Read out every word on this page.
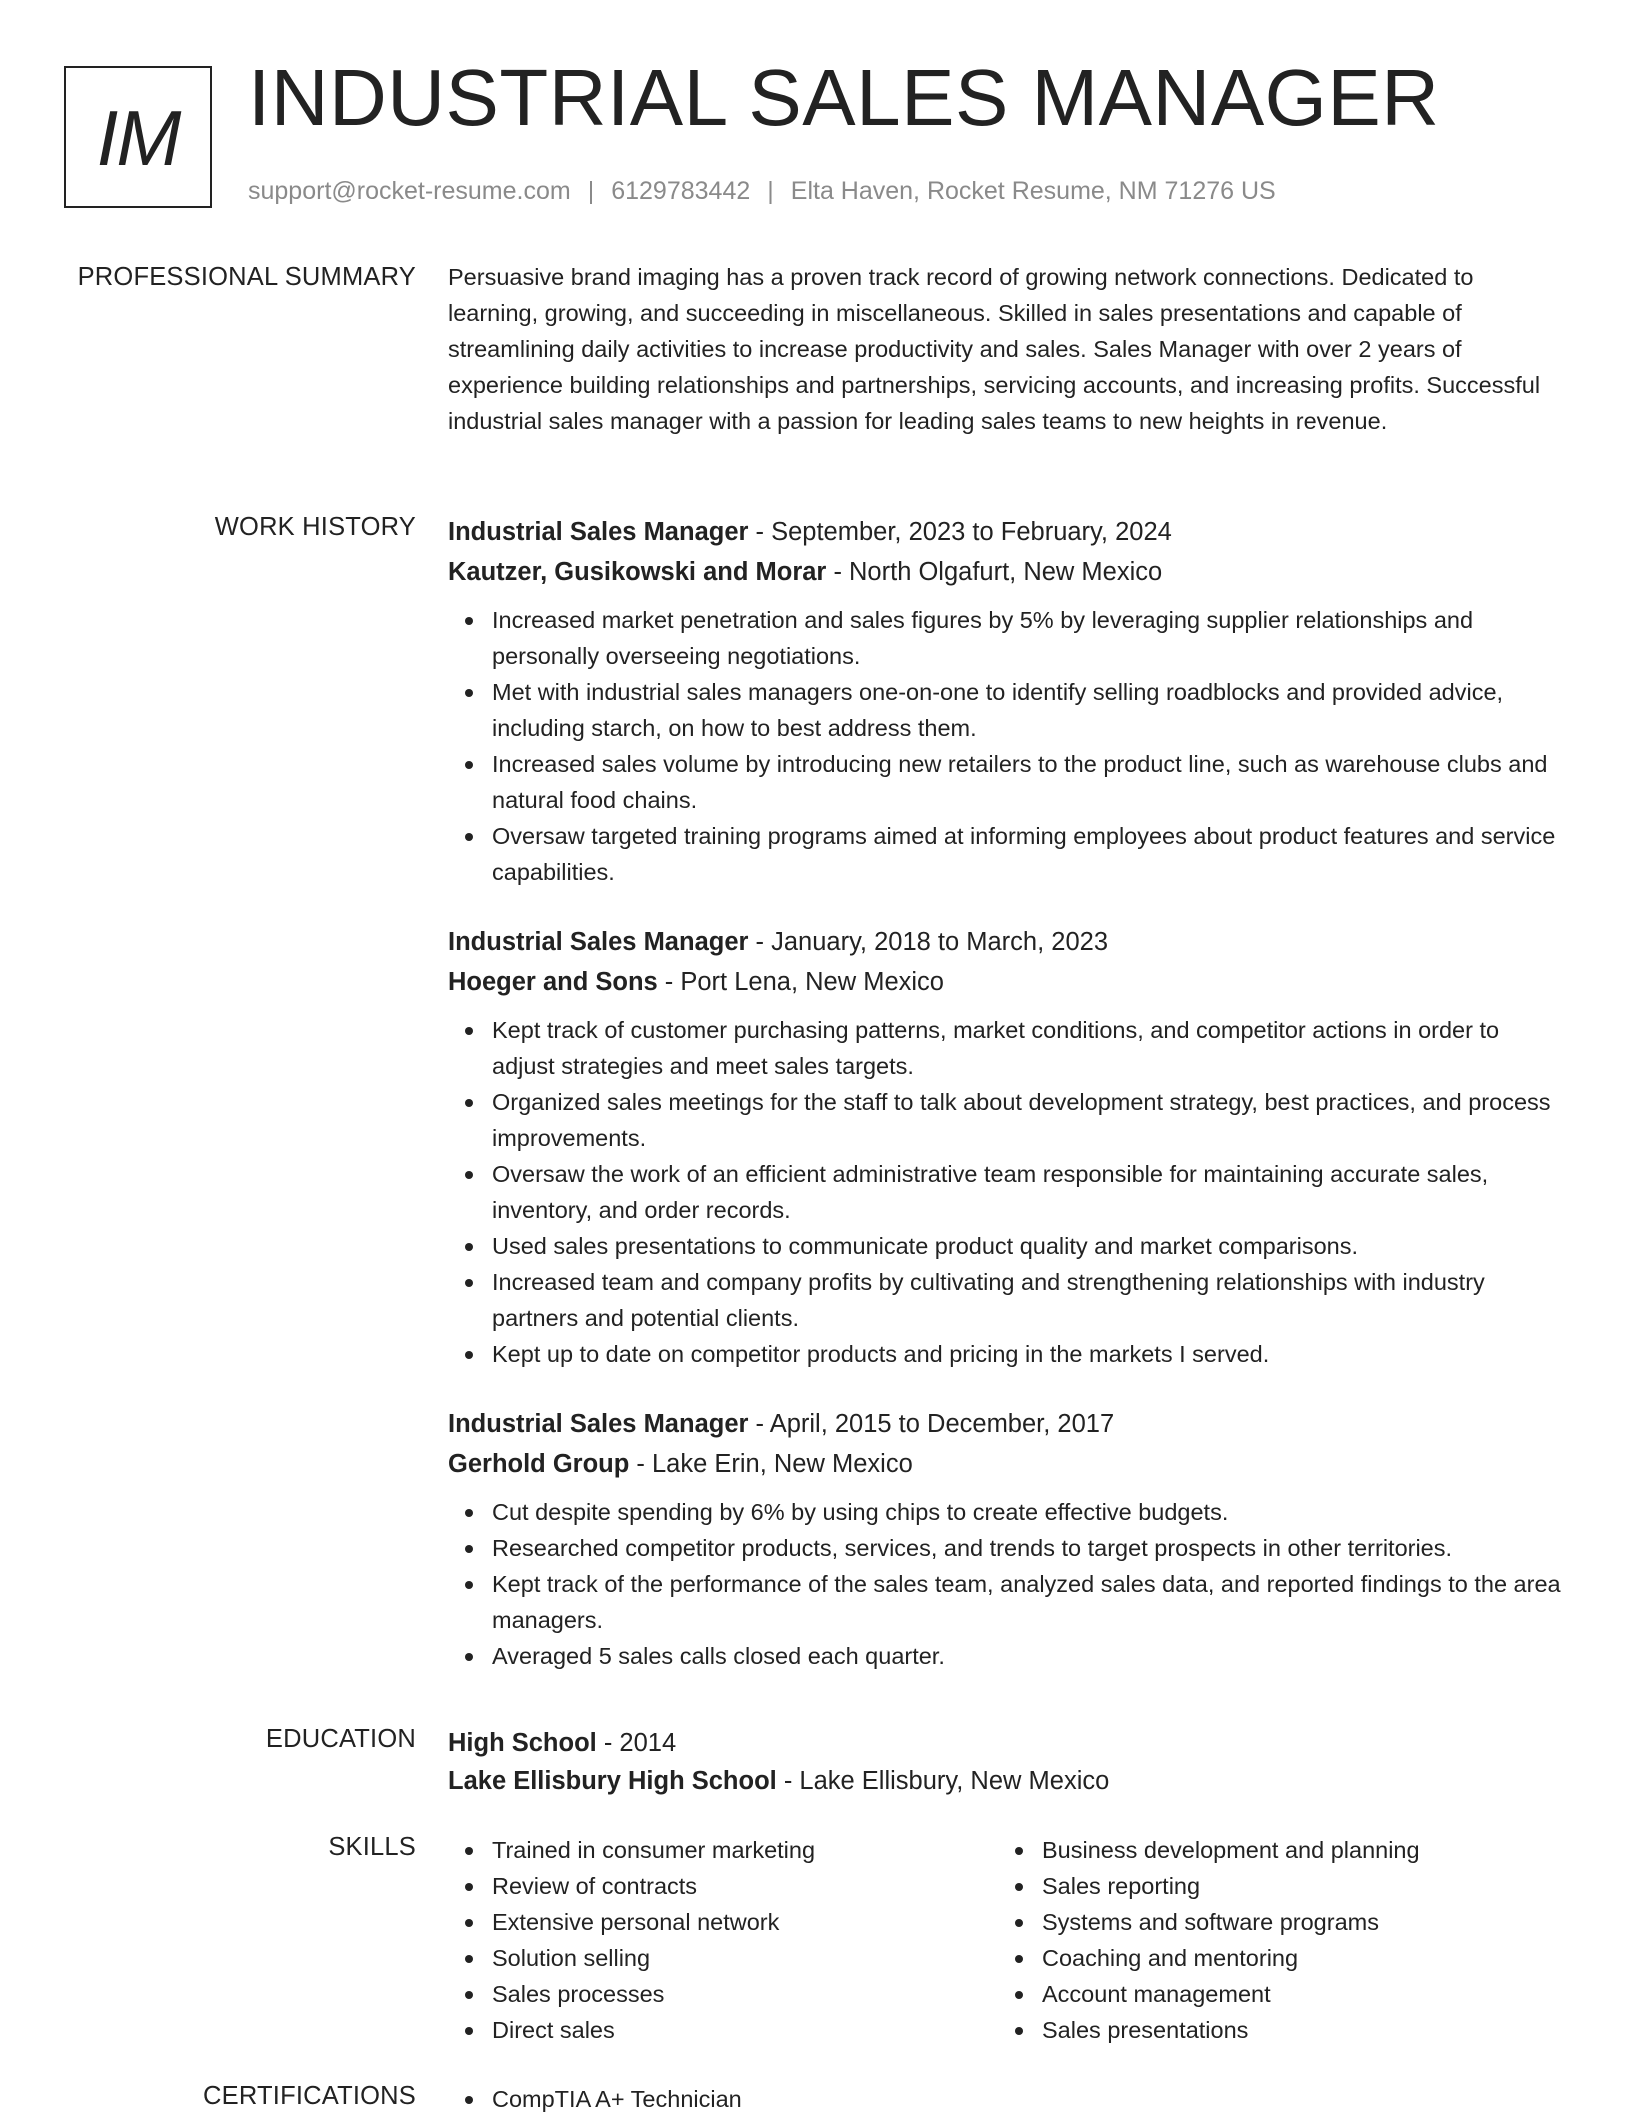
IM INDUSTRIAL SALES MANAGER
support@rocket-resume.com | 6129783442 | Elta Haven, Rocket Resume, NM 71276 US
PROFESSIONAL SUMMARY Persuasive brand imaging has a proven track record of growing network connections. Dedicated to learning, growing, and succeeding in miscellaneous. Skilled in sales presentations and capable of streamlining daily activities to increase productivity and sales. Sales Manager with over 2 years of experience building relationships and partnerships, servicing accounts, and increasing profits. Successful industrial sales manager with a passion for leading sales teams to new heights in revenue.

WORK HISTORY Industrial Sales Manager - September, 2023 to February, 2024
Kautzer, Gusikowski and Morar - North Olgafurt, New Mexico
Increased market penetration and sales figures by 5% by leveraging supplier relationships and personally overseeing negotiations.
Met with industrial sales managers one-on-one to identify selling roadblocks and provided advice, including starch, on how to best address them.
Increased sales volume by introducing new retailers to the product line, such as warehouse clubs and natural food chains.
Oversaw targeted training programs aimed at informing employees about product features and service capabilities.
Industrial Sales Manager - January, 2018 to March, 2023
Hoeger and Sons - Port Lena, New Mexico
Kept track of customer purchasing patterns, market conditions, and competitor actions in order to adjust strategies and meet sales targets.
Organized sales meetings for the staff to talk about development strategy, best practices, and process improvements.
Oversaw the work of an efficient administrative team responsible for maintaining accurate sales, inventory, and order records.
Used sales presentations to communicate product quality and market comparisons.
Increased team and company profits by cultivating and strengthening relationships with industry partners and potential clients.
Kept up to date on competitor products and pricing in the markets I served.
Industrial Sales Manager - April, 2015 to December, 2017
Gerhold Group - Lake Erin, New Mexico
Cut despite spending by 6% by using chips to create effective budgets.
Researched competitor products, services, and trends to target prospects in other territories.
Kept track of the performance of the sales team, analyzed sales data, and reported findings to the area managers.
Averaged 5 sales calls closed each quarter.
EDUCATION High School - 2014
Lake Ellisbury High School - Lake Ellisbury, New Mexico
SKILLS	Trained in consumer marketing
Review of contracts
Extensive personal network
Solution selling
Sales processes
Direct sales
Business development and planning
Sales reporting
Systems and software programs
Coaching and mentoring
Account management
Sales presentations
CERTIFICATIONS	CompTIA A+ Technician
